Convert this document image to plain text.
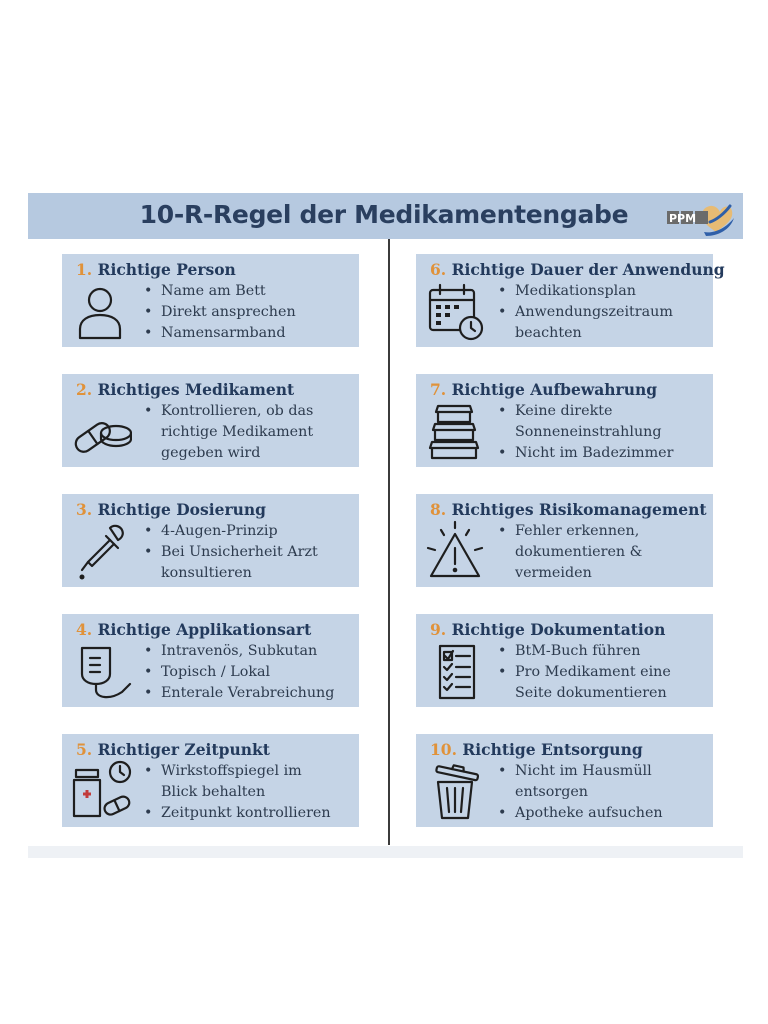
10-R-Regel der Medikamentengabe	PPM
1. Richtige Person
• Name am Bett
• Direkt ansprechen
• Namensarmband
2. Richtiges Medikament
• Kontrollieren, ob das
richtige Medikament
gegeben wird
3. Richtige Dosierung
• 4-Augen-Prinzip
• Bei Unsicherheit Arzt
konsultieren
4. Richtige Applikationsart
• Intravenös, Subkutan
• Topisch / Lokal
• Enterale Verabreichung
5. Richtiger Zeitpunkt
• Wirkstoffspiegel im
Blick behalten
• Zeitpunkt kontrollieren
6. Richtige Dauer der Anwendung
• Medikationsplan
• Anwendungszeitraum
beachten
7. Richtige Aufbewahrung
• Keine direkte
Sonneneinstrahlung
• Nicht im Badezimmer
8. Richtiges Risikomanagement
• Fehler erkennen,
dokumentieren &
vermeiden
9. Richtige Dokumentation
• BtM-Buch führen
• Pro Medikament eine
Seite dokumentieren
10. Richtige Entsorgung
• Nicht im Hausmüll
entsorgen
• Apotheke aufsuchen
